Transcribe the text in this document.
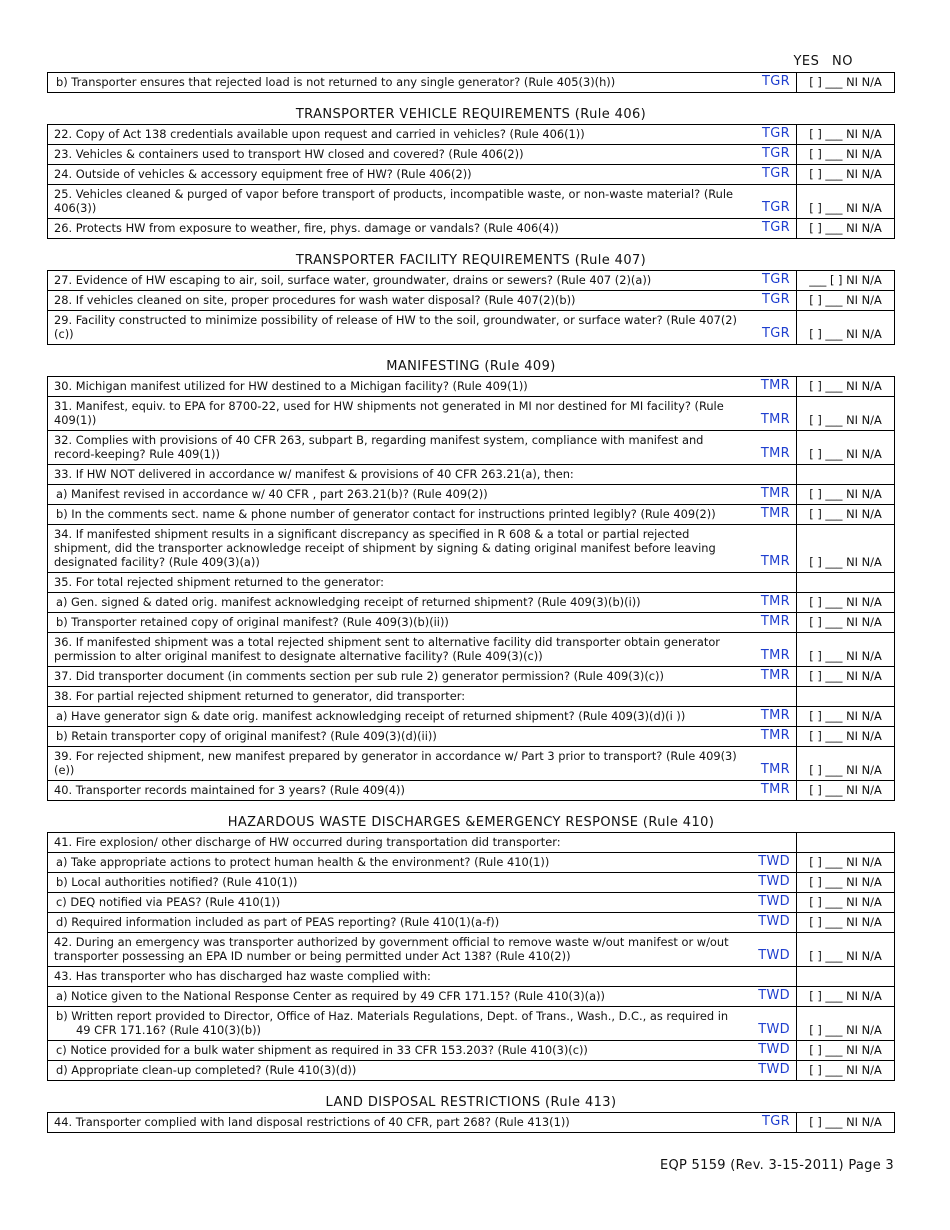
YES NO
b) Transporter ensures that rejected load is not returned to any single generator? (Rule 405(3)(h))	TGR	[ ] ___ NI N/A
TRANSPORTER VEHICLE REQUIREMENTS (Rule 406)
22. Copy of Act 138 credentials available upon request and carried in vehicles? (Rule 406(1)) TGR	[ ] ___ NI N/A

23. Vehicles & containers used to transport HW closed and covered? (Rule 406(2)) TGR	[ ] ___ NI N/A

24. Outside of vehicles & accessory equipment free of HW? (Rule 406(2)) TGR	[ ] ___ NI N/A

25. Vehicles cleaned & purged of vapor before transport of products, incompatible waste, or non-waste material? (Rule 406(3)) TGR	[ ] ___ NI N/A

26. Protects HW from exposure to weather, fire, phys. damage or vandals? (Rule 406(4)) TGR	[ ] ___ NI N/A
TRANSPORTER FACILITY REQUIREMENTS (Rule 407)
27. Evidence of HW escaping to air, soil, surface water, groundwater, drains or sewers? (Rule 407 (2)(a)) TGR	___ [ ] NI N/A

28. If vehicles cleaned on site, proper procedures for wash water disposal? (Rule 407(2)(b)) TGR	[ ] ___ NI N/A

29. Facility constructed to minimize possibility of release of HW to the soil, groundwater, or surface water? (Rule 407(2)(c)) TGR	[ ] ___ NI N/A
MANIFESTING (Rule 409)
30. Michigan manifest utilized for HW destined to a Michigan facility? (Rule 409(1)) TMR	[ ] ___ NI N/A

31. Manifest, equiv. to EPA for 8700-22, used for HW shipments not generated in MI nor destined for MI facility? (Rule 409(1)) TMR	[ ] ___ NI N/A

32. Complies with provisions of 40 CFR 263, subpart B, regarding manifest system, compliance with manifest and record-keeping? Rule 409(1)) TMR	[ ] ___ NI N/A

33. If HW NOT delivered in accordance w/ manifest & provisions of 40 CFR 263.21(a), then:	

a) Manifest revised in accordance w/ 40 CFR , part 263.21(b)? (Rule 409(2)) TMR	[ ] ___ NI N/A

b) In the comments sect. name & phone number of generator contact for instructions printed legibly? (Rule 409(2)) TMR	[ ] ___ NI N/A

34. If manifested shipment results in a significant discrepancy as specified in R 608 & a total or partial rejected shipment, did the transporter acknowledge receipt of shipment by signing & dating original manifest before leaving designated facility? (Rule 409(3)(a)) TMR	[ ] ___ NI N/A

35. For total rejected shipment returned to the generator:	

a) Gen. signed & dated orig. manifest acknowledging receipt of returned shipment? (Rule 409(3)(b)(i)) TMR	[ ] ___ NI N/A

b) Transporter retained copy of original manifest? (Rule 409(3)(b)(ii)) TMR	[ ] ___ NI N/A

36. If manifested shipment was a total rejected shipment sent to alternative facility did transporter obtain generator permission to alter original manifest to designate alternative facility? (Rule 409(3)(c)) TMR	[ ] ___ NI N/A

37. Did transporter document (in comments section per sub rule 2) generator permission? (Rule 409(3)(c)) TMR	[ ] ___ NI N/A

38. For partial rejected shipment returned to generator, did transporter:	

a) Have generator sign & date orig. manifest acknowledging receipt of returned shipment? (Rule 409(3)(d)(i )) TMR	[ ] ___ NI N/A

b) Retain transporter copy of original manifest? (Rule 409(3)(d)(ii)) TMR	[ ] ___ NI N/A

39. For rejected shipment, new manifest prepared by generator in accordance w/ Part 3 prior to transport? (Rule 409(3)(e)) TMR	[ ] ___ NI N/A

40. Transporter records maintained for 3 years? (Rule 409(4)) TMR	[ ] ___ NI N/A
HAZARDOUS WASTE DISCHARGES &EMERGENCY RESPONSE (Rule 410)
41. Fire explosion/ other discharge of HW occurred during transportation did transporter:	

a) Take appropriate actions to protect human health & the environment? (Rule 410(1)) TWD	[ ] ___ NI N/A

b) Local authorities notified? (Rule 410(1)) TWD	[ ] ___ NI N/A

c) DEQ notified via PEAS? (Rule 410(1)) TWD	[ ] ___ NI N/A

d) Required information included as part of PEAS reporting? (Rule 410(1)(a-f)) TWD	[ ] ___ NI N/A

42. During an emergency was transporter authorized by government official to remove waste w/out manifest or w/out transporter possessing an EPA ID number or being permitted under Act 138? (Rule 410(2)) TWD	[ ] ___ NI N/A

43. Has transporter who has discharged haz waste complied with:	

a) Notice given to the National Response Center as required by 49 CFR 171.15? (Rule 410(3)(a)) TWD	[ ] ___ NI N/A

b) Written report provided to Director, Office of Haz. Materials Regulations, Dept. of Trans., Wash., D.C., as required in 49 CFR 171.16? (Rule 410(3)(b)) TWD	[ ] ___ NI N/A

c) Notice provided for a bulk water shipment as required in 33 CFR 153.203? (Rule 410(3)(c)) TWD	[ ] ___ NI N/A

d) Appropriate clean-up completed? (Rule 410(3)(d)) TWD	[ ] ___ NI N/A
LAND DISPOSAL RESTRICTIONS (Rule 413)
44. Transporter complied with land disposal restrictions of 40 CFR, part 268? (Rule 413(1))	TGR	[ ] ___ NI N/A
EQP 5159 (Rev. 3-15-2011) Page 3
